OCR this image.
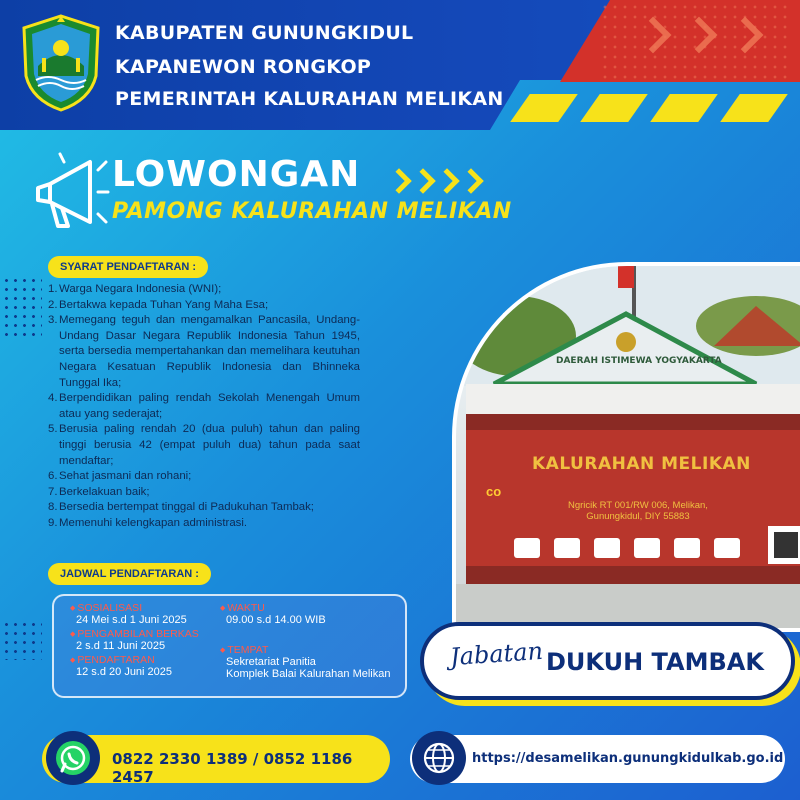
KABUPATEN GUNUNGKIDUL
KAPANEWON RONGKOP
PEMERINTAH KALURAHAN MELIKAN
LOWONGAN
PAMONG KALURAHAN MELIKAN
SYARAT PENDAFTARAN :
1. Warga Negara Indonesia (WNI);
2. Bertakwa kepada Tuhan Yang Maha Esa;
3. Memegang teguh dan mengamalkan Pancasila, Undang-Undang Dasar Negara Republik Indonesia Tahun 1945, serta bersedia mempertahankan dan memelihara keutuhan Negara Kesatuan Republik Indonesia dan Bhinneka Tunggal Ika;
4. Berpendidikan paling rendah Sekolah Menengah Umum atau yang sederajat;
5. Berusia paling rendah 20 (dua puluh) tahun dan paling tinggi berusia 42 (empat puluh dua) tahun pada saat mendaftar;
6. Sehat jasmani dan rohani;
7. Berkelakuan baik;
8. Bersedia bertempat tinggal di Padukuhan Tambak;
9. Memenuhi kelengkapan administrasi.
JADWAL PENDAFTARAN :
◆ SOSIALISASI
24 Mei s.d 1 Juni 2025
◆ PENGAMBILAN BERKAS
2 s.d 11 Juni 2025
◆ PENDAFTARAN
12 s.d 20 Juni 2025
◆ WAKTU
09.00 s.d 14.00 WIB
◆ TEMPAT
Sekretariat Panitia
Komplek Balai Kalurahan Melikan
DAERAH ISTIMEWA YOGYAKARTA
KALURAHAN MELIKAN
co
Ngricik RT 001/RW 006, Melikan,
Gunungkidul, DIY 55883
Jabatan DUKUH TAMBAK
0822 2330 1389 / 0852 1186 2457
https://desamelikan.gunungkidulkab.go.id
